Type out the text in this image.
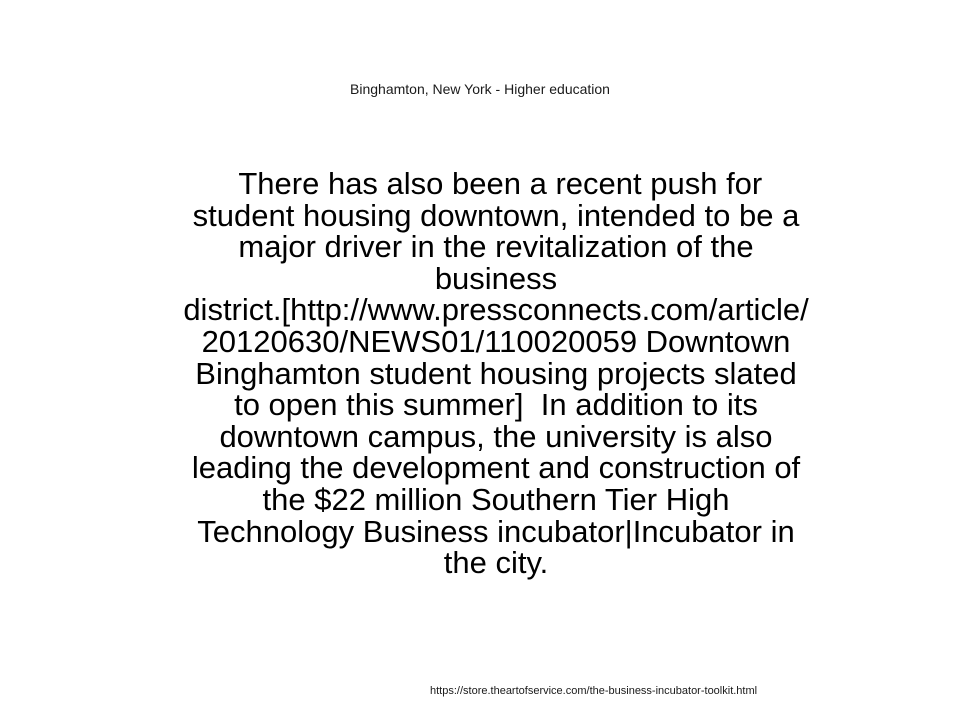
Binghamton, New York - Higher education
There has also been a recent push for
student housing downtown, intended to be a
major driver in the revitalization of the
business
district.[http://www.pressconnects.com/article/
20120630/NEWS01/110020059 Downtown
Binghamton student housing projects slated
to open this summer]  In addition to its
downtown campus, the university is also
leading the development and construction of
the $22 million Southern Tier High
Technology Business incubator|Incubator in
the city.
https://store.theartofservice.com/the-business-incubator-toolkit.html
